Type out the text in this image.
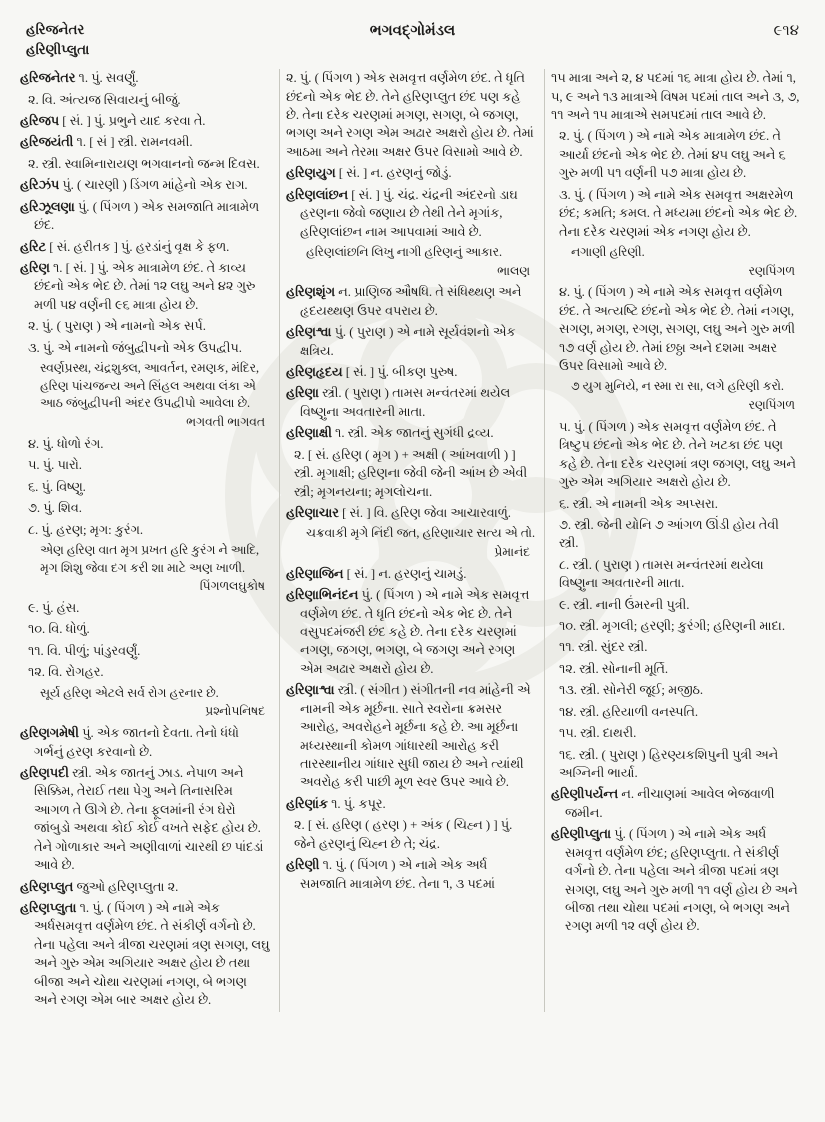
હરિજનેતર
હરિણીપ્લુતા
ભગવદ્ગોમંડલ	૯૧૪

હરિજનેતર ૧. પું. સવર્ણું.

૨. વિ. અંત્યજ સિવાયનું બીજું.

હરિજપ [ સં. ] પું. પ્રભુને યાદ કરવા તે.

હરિજયંતી ૧. [ સં ] સ્ત્રી. રામનવમી.

૨. સ્ત્રી. સ્વામિનારાયણ ભગવાનનો જન્મ દિવસ.

હરિઝંપ પું. ( ચારણી ) ડિંગળ માંહેનો એક રાગ.

હરિઝૂલણા પું. ( પિંગળ ) એક સમજાતિ માત્રામેળ છંદ.

હરિટ [ સં. હરીતક ] પું. હરડાંનું વૃક્ષ કે ફળ.

હરિણ ૧. [ સં. ] પું. એક માત્રામેળ છંદ. તે કાવ્ય છંદનો એક ભેદ છે. તેમાં ૧૨ લઘુ અને ૪૨ ગુરુ મળી ૫૪ વર્ણની ૯૬ માત્રા હોય છે.

૨. પું. ( પુરાણ ) એ નામનો એક સર્પ.

૩. પું. એ નામનો જંબુદ્વીપનો એક ઉપદ્વીપ.

સ્વર્ણપ્રસ્થ, ચંદ્રશુક્લ, આવર્તન, રમણક, મંદિર, હરિણ પાંચજન્ય અને સિંહલ અથવા લંકા એ આઠ જંબુદ્વીપની અંદર ઉપદ્વીપો આવેલા છે.

ભગવતી ભાગવત

૪. પું. ધોળો રંગ.

૫. પું. પારો.

૬. પું. વિષ્ણુ.

૭. પું. શિવ.

૮. પું. હરણ; મૃગ: કુરંગ.

એણ હરિણ વાત મૃગ પ્રખત હરિ કુરંગ ને આદિ, મૃગ શિશુ જેવા દગ કરી શા માટે અણ ખાળી.

પિંગળલઘુકોષ

૯. પું. હંસ.

૧૦. વિ. ધોળું.

૧૧. વિ. પીળું; પાંડુરવર્ણું.

૧૨. વિ. રોગહર.

સૂર્ય હરિણ એટલે સર્વ રોગ હરનાર છે.

પ્રશ્નોપનિષદ

હરિણગમેષી પું. એક જાતનો દેવતા. તેનો ધંધો ગર્ભનું હરણ કરવાનો છે.

હરિણપદી સ્ત્રી. એક જાતનું ઝાડ. નેપાળ અને સિક્કિમ, તેરાઈ તથા પેગુ અને તિનાસરિમ આગળ તે ઊગે છે. તેના ફૂલમાંની રંગ ઘેરો જાંબુડો અથવા કોઈ કોઈ વખતે સફેદ હોય છે. તેને ગોળાકાર અને અણીવાળાં ચારથી છ પાંદડાં આવે છે.

હરિણપ્લુત જુઓ હરિણપ્લુતા ૨.

હરિણપ્લુતા ૧. પું. ( પિંગળ ) એ નામે એક અર્ધસમવૃત્ત વર્ણમેળ છંદ. તે સંકીર્ણ વર્ગનો છે. તેના પહેલા અને ત્રીજા ચરણમાં ત્રણ સગણ, લઘુ અને ગુરુ એમ અગિયાર અક્ષર હોય છે તથા બીજા અને ચોથા ચરણમાં નગણ, બે ભગણ અને રગણ એમ બાર અક્ષર હોય છે.

૨. પું. ( પિંગળ ) એક સમવૃત્ત વર્ણમેળ છંદ. તે ધૃતિ છંદનો એક ભેદ છે. તેને હરિણપ્લુત છંદ પણ કહે છે. તેના દરેક ચરણમાં મગણ, સગણ, બે જગણ, ભગણ અને રગણ એમ અઢાર અક્ષરો હોય છે. તેમાં આઠમા અને તેરમા અક્ષર ઉપર વિસામો આવે છે.

હરિણયુગ [ સં. ] ન. હરણનું જોડું.

હરિણલાંછન [ સં. ] પું. ચંદ્ર. ચંદ્રની અંદરનો ડાઘ હરણના જેવો જણાય છે તેથી તેને મૃગાંક, હરિણલાંછન નામ આપવામાં આવે છે.

હરિણલાંછનિ લિખુ નાગી હરિણનું આકાર.

ભાલણ

હરિણશૃંગ ન. પ્રાણિજ ઔષધિ. તે સંધિથ્થણ અને હૃદયથ્થણ ઉપર વપરાય છે.

હરિણશ્વા પું. ( પુરાણ ) એ નામે સૂર્યવંશનો એક ક્ષત્રિય.

હરિણહૃદય [ સં. ] પું. બીકણ પુરુષ.

હરિણા સ્ત્રી. ( પુરાણ ) તામસ મન્વંતરમાં થયેલ વિષ્ણુના અવતારની માતા.

હરિણાક્ષી ૧. સ્ત્રી. એક જાતનું સુગંધી દ્રવ્ય.

૨. [ સં. હરિણ ( મૃગ ) + અક્ષી ( આંખવાળી ) ] સ્ત્રી. મૃગાક્ષી; હરિણના જેવી જેની આંખ છે એવી સ્ત્રી; મૃગનયના; મૃગલોચના.

હરિણાચાર [ સં. ] વિ. હરિણ જેવા આચારવાળું.

ચક્રવાકી મૃગે નિંદી જત, હરિણાચાર સત્ય એ તો.

પ્રેમાનંદ

હરિણાજિન [ સં. ] ન. હરણનું ચામડું.

હરિણાભિનંદન પું. ( પિંગળ ) એ નામે એક સમવૃત્ત વર્ણમેળ છંદ. તે ધૃતિ છંદનો એક ભેદ છે. તેને વસુપદમંજરી છંદ કહે છે. તેના દરેક ચરણમાં નગણ, જગણ, ભગણ, બે જગણ અને રગણ એમ અઢાર અક્ષરો હોય છે.

હરિણાશ્વા સ્ત્રી. ( સંગીત ) સંગીતની નવ માંહેની એ નામની એક મૂર્છના. સાતે સ્વરોના ક્રમસર આરોહ, અવરોહને મૂર્છના કહે છે. આ મૂર્છના મધ્યસ્થાની કોમળ ગાંધારથી આરોહ કરી તારસ્થાનીય ગાંધાર સુધી જાય છે અને ત્યાંથી અવરોહ કરી પાછી મૂળ સ્વર ઉપર આવે છે.

હરિણાંક ૧. પું. કપૂર.

૨. [ સં. હરિણ ( હરણ ) + અંક ( ચિહ્ન ) ] પું. જેને હરણનું ચિહ્ન છે તે; ચંદ્ર.

હરિણી ૧. પું. ( પિંગળ ) એ નામે એક અર્ધ સમજાતિ માત્રામેળ છંદ. તેના ૧, ૩ પદમાં

૧૫ માત્રા અને ૨, ૪ પદમાં ૧૬ માત્રા હોય છે. તેમાં ૧, ૫, ૯ અને ૧૩ માત્રાએ વિષમ પદમાં તાલ અને ૩, ૭, ૧૧ અને ૧૫ માત્રાએ સમપદમાં તાલ આવે છે.

૨. પું. ( પિંગળ ) એ નામે એક માત્રામેળ છંદ. તે આર્યા છંદનો એક ભેદ છે. તેમાં ૪૫ લઘુ અને ૬ ગુરુ મળી ૫૧ વર્ણની ૫૭ માત્રા હોય છે.

૩. પું. ( પિંગળ ) એ નામે એક સમવૃત્ત અક્ષરમેળ છંદ; કમતિ; કમલ. તે મધ્યમા છંદનો એક ભેદ છે. તેના દરેક ચરણમાં એક નગણ હોય છે.

નગાણી હરિણી.

રણપિંગળ

૪. પું. ( પિંગળ ) એ નામે એક સમવૃત્ત વર્ણમેળ છંદ. તે અત્યષ્ટિ છંદનો એક ભેદ છે. તેમાં નગણ, સગણ, મગણ, રગણ, સગણ, લઘુ અને ગુરુ મળી ૧૭ વર્ણ હોય છે. તેમાં છઠ્ઠા અને દશમા અક્ષર ઉપર વિસામો આવે છે.

૭ યુગ મુનિયે, ન સ્મા રા સા, લગે હરિણી કરો.

રણપિંગળ

૫. પું. ( પિંગળ ) એક સમવૃત્ત વર્ણમેળ છંદ. તે ત્રિષ્ટુપ છંદનો એક ભેદ છે. તેને ખટકા છંદ પણ કહે છે. તેના દરેક ચરણમાં ત્રણ જગણ, લઘુ અને ગુરુ એમ અગિયાર અક્ષરો હોય છે.

૬. સ્ત્રી. એ નામની એક અપ્સરા.

૭. સ્ત્રી. જેની યોનિ ૭ આંગળ ઊંડી હોય તેવી સ્ત્રી.

૮. સ્ત્રી. ( પુરાણ ) તામસ મન્વંતરમાં થયેલા વિષ્ણુના અવતારની માતા.

૯. સ્ત્રી. નાની ઉંમરની પુત્રી.

૧૦. સ્ત્રી. મૃગલી; હરણી; કુરંગી; હરિણની માદા.

૧૧. સ્ત્રી. સુંદર સ્ત્રી.

૧૨. સ્ત્રી. સોનાની મૂર્તિ.

૧૩. સ્ત્રી. સોનેરી જૂઈ; મજીઠ.

૧૪. સ્ત્રી. હરિયાળી વનસ્પતિ.

૧૫. સ્ત્રી. દાથરી.

૧૬. સ્ત્રી. ( પુરાણ ) હિરણ્યકશિપુની પુત્રી અને અગ્નિની ભાર્યા.

હરિણીપર્યન્ત ન. નીચાણમાં આવેલ ભેજવાળી જમીન.

હરિણીપ્લુતા પું. ( પિંગળ ) એ નામે એક અર્ધ સમવૃત્ત વર્ણમેળ છંદ; હરિણપ્લુતા. તે સંકીર્ણ વર્ગનો છે. તેના પહેલા અને ત્રીજા પદમાં ત્રણ સગણ, લઘુ અને ગુરુ મળી ૧૧ વર્ણ હોય છે અને બીજા તથા ચોથા પદમાં નગણ, બે ભગણ અને રગણ મળી ૧૨ વર્ણ હોય છે.
